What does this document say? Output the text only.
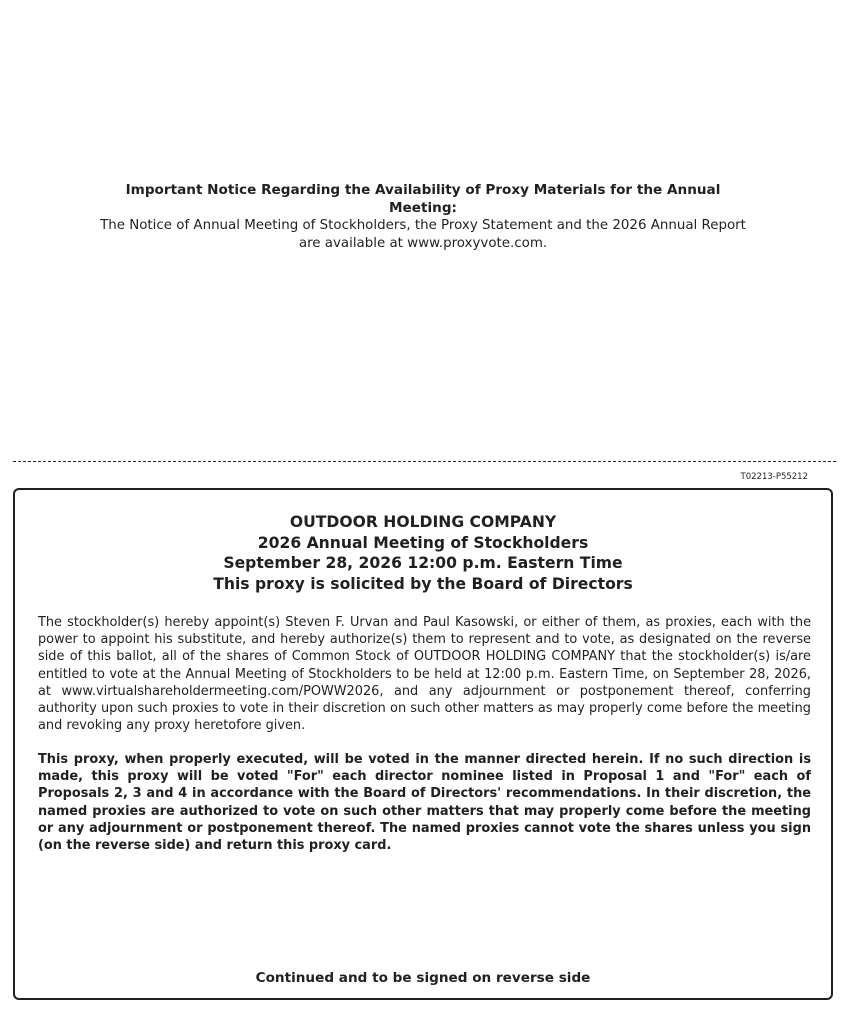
Important Notice Regarding the Availability of Proxy Materials for the Annual Meeting:
The Notice of Annual Meeting of Stockholders, the Proxy Statement and the 2026 Annual Report are available at www.proxyvote.com.
T02213-P55212
OUTDOOR HOLDING COMPANY
2026 Annual Meeting of Stockholders
September 28, 2026 12:00 p.m. Eastern Time
This proxy is solicited by the Board of Directors
The stockholder(s) hereby appoint(s) Steven F. Urvan and Paul Kasowski, or either of them, as proxies, each with the power to appoint his substitute, and hereby authorize(s) them to represent and to vote, as designated on the reverse side of this ballot, all of the shares of Common Stock of OUTDOOR HOLDING COMPANY that the stockholder(s) is/are entitled to vote at the Annual Meeting of Stockholders to be held at 12:00 p.m. Eastern Time, on September 28, 2026, at www.virtualshareholdermeeting.com/POWW2026, and any adjournment or postponement thereof, conferring authority upon such proxies to vote in their discretion on such other matters as may properly come before the meeting and revoking any proxy heretofore given.
This proxy, when properly executed, will be voted in the manner directed herein. If no such direction is made, this proxy will be voted "For" each director nominee listed in Proposal 1 and "For" each of Proposals 2, 3 and 4 in accordance with the Board of Directors' recommendations. In their discretion, the named proxies are authorized to vote on such other matters that may properly come before the meeting or any adjournment or postponement thereof. The named proxies cannot vote the shares unless you sign (on the reverse side) and return this proxy card.
Continued and to be signed on reverse side
